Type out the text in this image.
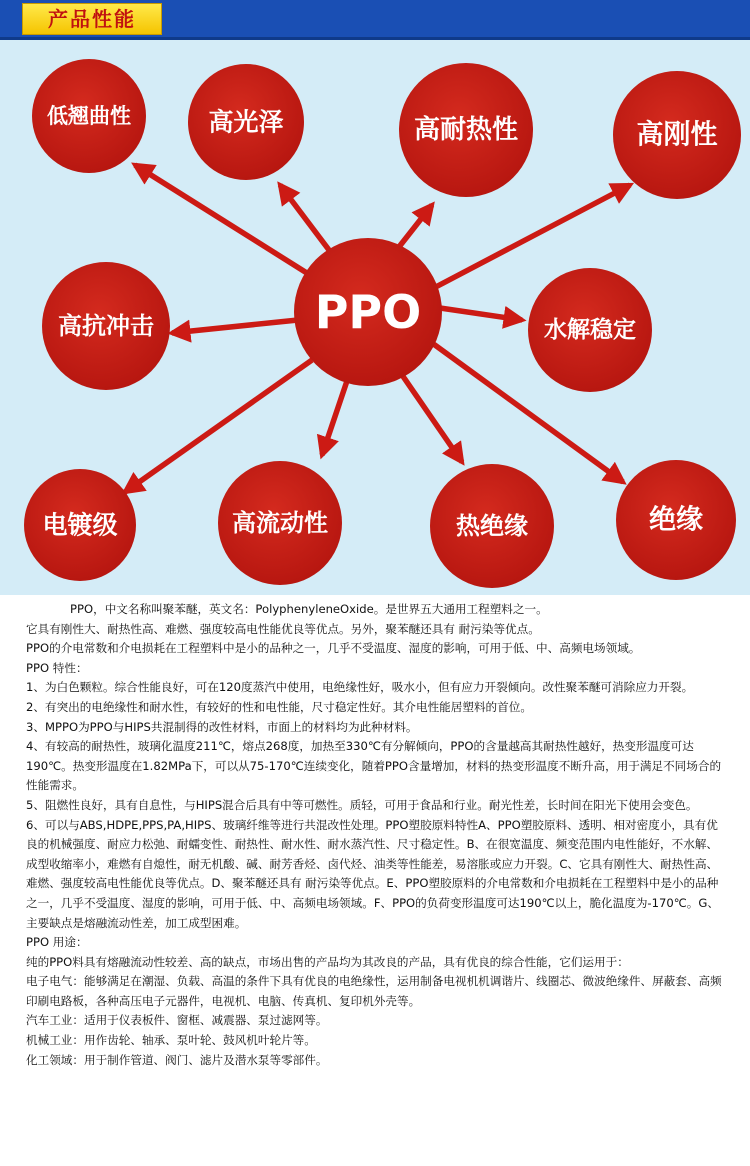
产品性能
PPO
低翘曲性	高光泽	高耐热性	高刚性
高抗冲击	水解稳定
电镀级	高流动性	热绝缘	绝缘

PPO，中文名称叫聚苯醚，英文名：PolyphenyleneOxide。是世界五大通用工程塑料之一。

它具有刚性大、耐热性高、难燃、强度较高电性能优良等优点。另外，聚苯醚还具有 耐污染等优点。

PPO的介电常数和介电损耗在工程塑料中是小的品种之一，几乎不受温度、湿度的影响，可用于低、中、高频电场领域。

PPO 特性：

1、为白色颗粒。综合性能良好，可在120度蒸汽中使用，电绝缘性好，吸水小，但有应力开裂倾向。改性聚苯醚可消除应力开裂。

2、有突出的电绝缘性和耐水性，有较好的性和电性能，尺寸稳定性好。其介电性能居塑料的首位。

3、MPPO为PPO与HIPS共混制得的改性材料，市面上的材料均为此种材料。

4、有较高的耐热性，玻璃化温度211℃，熔点268度，加热至330℃有分解倾向，PPO的含量越高其耐热性越好，热变形温度可达190℃。热变形温度在1.82MPa下，可以从75-170℃连续变化，随着PPO含量增加，材料的热变形温度不断升高，用于满足不同场合的性能需求。

5、阻燃性良好，具有自息性，与HIPS混合后具有中等可燃性。质轻，可用于食品和行业。耐光性差，长时间在阳光下使用会变色。

6、可以与ABS,HDPE,PPS,PA,HIPS、玻璃纤维等进行共混改性处理。PPO塑胶原料特性A、PPO塑胶原料、透明、相对密度小，具有优良的机械强度、耐应力松弛、耐蠕变性、耐热性、耐水性、耐水蒸汽性、尺寸稳定性。B、在很宽温度、频变范围内电性能好，不水解、成型收缩率小，难燃有自熄性，耐无机酸、碱、耐芳香烃、卤代烃、油类等性能差，易溶胀或应力开裂。C、它具有刚性大、耐热性高、难燃、强度较高电性能优良等优点。D、聚苯醚还具有 耐污染等优点。E、PPO塑胶原料的介电常数和介电损耗在工程塑料中是小的品种之一，几乎不受温度、湿度的影响，可用于低、中、高频电场领域。F、PPO的负荷变形温度可达190℃以上，脆化温度为-170℃。G、主要缺点是熔融流动性差，加工成型困难。

PPO 用途：

纯的PPO料具有熔融流动性较差、高的缺点，市场出售的产品均为其改良的产品，具有优良的综合性能，它们运用于：

电子电气：能够满足在潮湿、负载、高温的条件下具有优良的电绝缘性，运用制备电视机机调谐片、线圈芯、微波绝缘件、屏蔽套、高频印刷电路板，各种高压电子元器件，电视机、电脑、传真机、复印机外壳等。

汽车工业：适用于仪表板件、窗框、减震器、泵过滤网等。

机械工业：用作齿轮、轴承、泵叶轮、鼓风机叶轮片等。

化工领域：用于制作管道、阀门、滤片及潜水泵等零部件。
